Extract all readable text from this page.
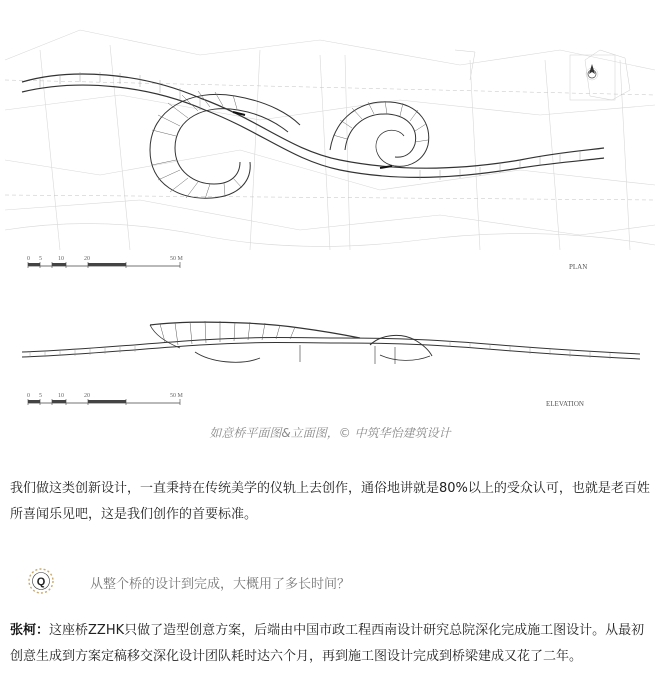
0 5	10	20	50 M
PLAN
0 5	10	20	50 M
ELEVATION
如意桥平面图&立面图，© 中筑华怡建筑设计

我们做这类创新设计，一直秉持在传统美学的仪轨上去创作，通俗地讲就是80%以上的受众认可，也就是老百姓所喜闻乐见吧，这是我们创作的首要标准。

Q	从整个桥的设计到完成，大概用了多长时间？

张柯：这座桥ZZHK只做了造型创意方案，后端由中国市政工程西南设计研究总院深化完成施工图设计。从最初创意生成到方案定稿移交深化设计团队耗时达六个月，再到施工图设计完成到桥梁建成又花了二年。
